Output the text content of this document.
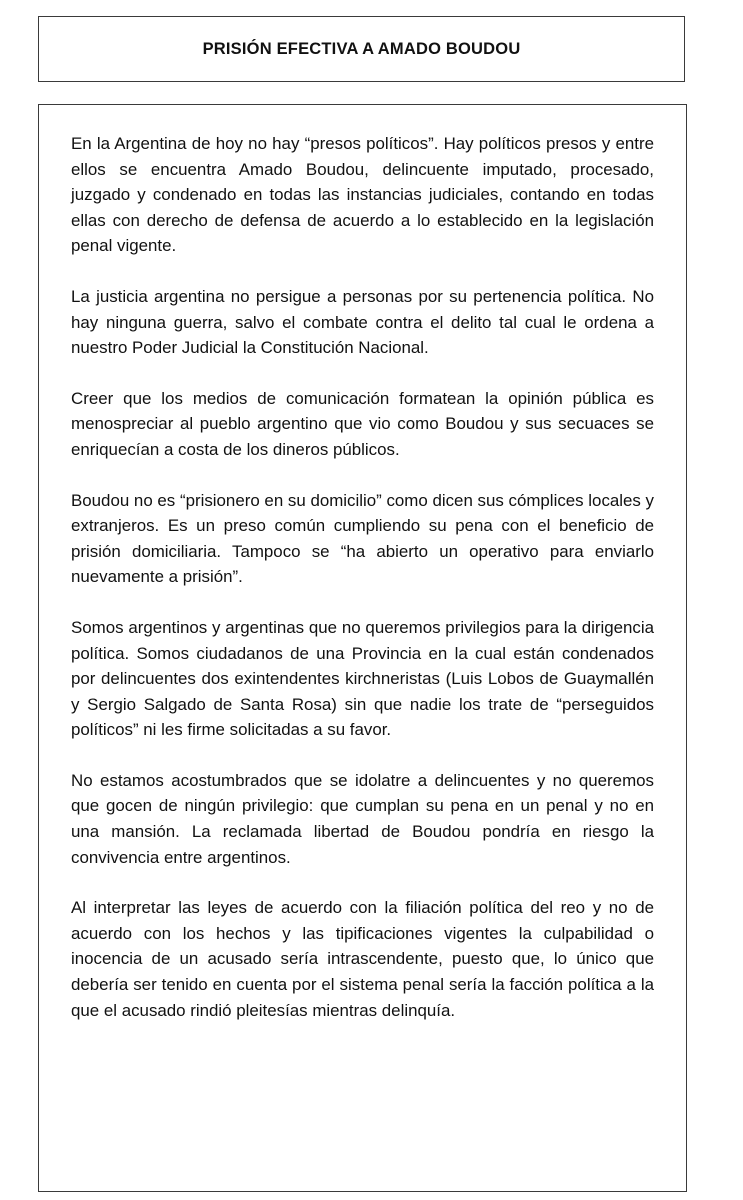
PRISIÓN EFECTIVA A AMADO BOUDOU

En la Argentina de hoy no hay “presos políticos”. Hay políticos presos y entre ellos se encuentra Amado Boudou, delincuente imputado, procesado, juzgado y condenado en todas las instancias judiciales, contando en todas ellas con derecho de defensa de acuerdo a lo establecido en la legislación penal vigente.

La justicia argentina no persigue a personas por su pertenencia política. No hay ninguna guerra, salvo el combate contra el delito tal cual le ordena a nuestro Poder Judicial la Constitución Nacional.

Creer que los medios de comunicación formatean la opinión pública es menospreciar al pueblo argentino que vio como Boudou y sus secuaces se enriquecían a costa de los dineros públicos.

Boudou no es “prisionero en su domicilio” como dicen sus cómplices locales y extranjeros. Es un preso común cumpliendo su pena con el beneficio de prisión domiciliaria. Tampoco se “ha abierto un operativo para enviarlo nuevamente a prisión”.

Somos argentinos y argentinas que no queremos privilegios para la dirigencia política. Somos ciudadanos de una Provincia en la cual están condenados por delincuentes dos exintendentes kirchneristas (Luis Lobos de Guaymallén y Sergio Salgado de Santa Rosa) sin que nadie los trate de “perseguidos políticos” ni les firme solicitadas a su favor.

No estamos acostumbrados que se idolatre a delincuentes y no queremos que gocen de ningún privilegio: que cumplan su pena en un penal y no en una mansión. La reclamada libertad de Boudou pondría en riesgo la convivencia entre argentinos.

Al interpretar las leyes de acuerdo con la filiación política del reo y no de acuerdo con los hechos y las tipificaciones vigentes la culpabilidad o inocencia de un acusado sería intrascendente, puesto que, lo único que debería ser tenido en cuenta por el sistema penal sería la facción política a la que el acusado rindió pleitesías mientras delinquía.
